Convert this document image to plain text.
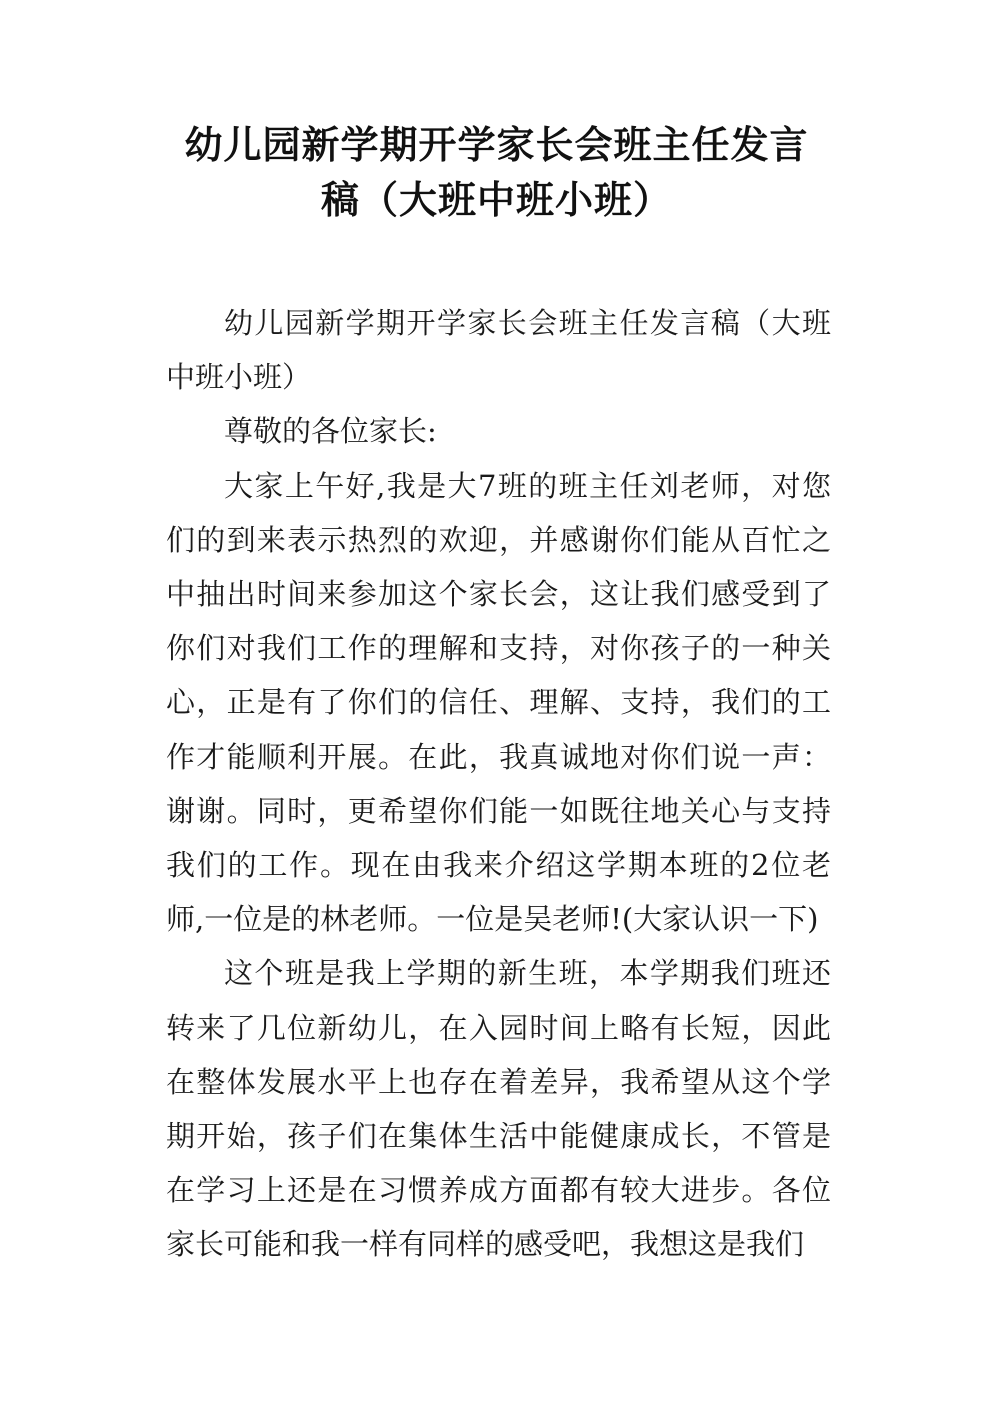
幼儿园新学期开学家长会班主任发言
稿（大班中班小班）

幼儿园新学期开学家长会班主任发言稿（大班中班小班）

尊敬的各位家长:

大家上午好,我是大7班的班主任刘老师，对您们的到来表示热烈的欢迎，并感谢你们能从百忙之中抽出时间来参加这个家长会，这让我们感受到了你们对我们工作的理解和支持，对你孩子的一种关心，正是有了你们的信任、理解、支持，我们的工作才能顺利开展。在此，我真诚地对你们说一声：谢谢。同时，更希望你们能一如既往地关心与支持我们的工作。现在由我来介绍这学期本班的2位老师,一位是的林老师。一位是吴老师!(大家认识一下)

这个班是我上学期的新生班，本学期我们班还转来了几位新幼儿，在入园时间上略有长短，因此在整体发展水平上也存在着差异，我希望从这个学期开始，孩子们在集体生活中能健康成长，不管是在学习上还是在习惯养成方面都有较大进步。各位家长可能和我一样有同样的感受吧，我想这是我们
